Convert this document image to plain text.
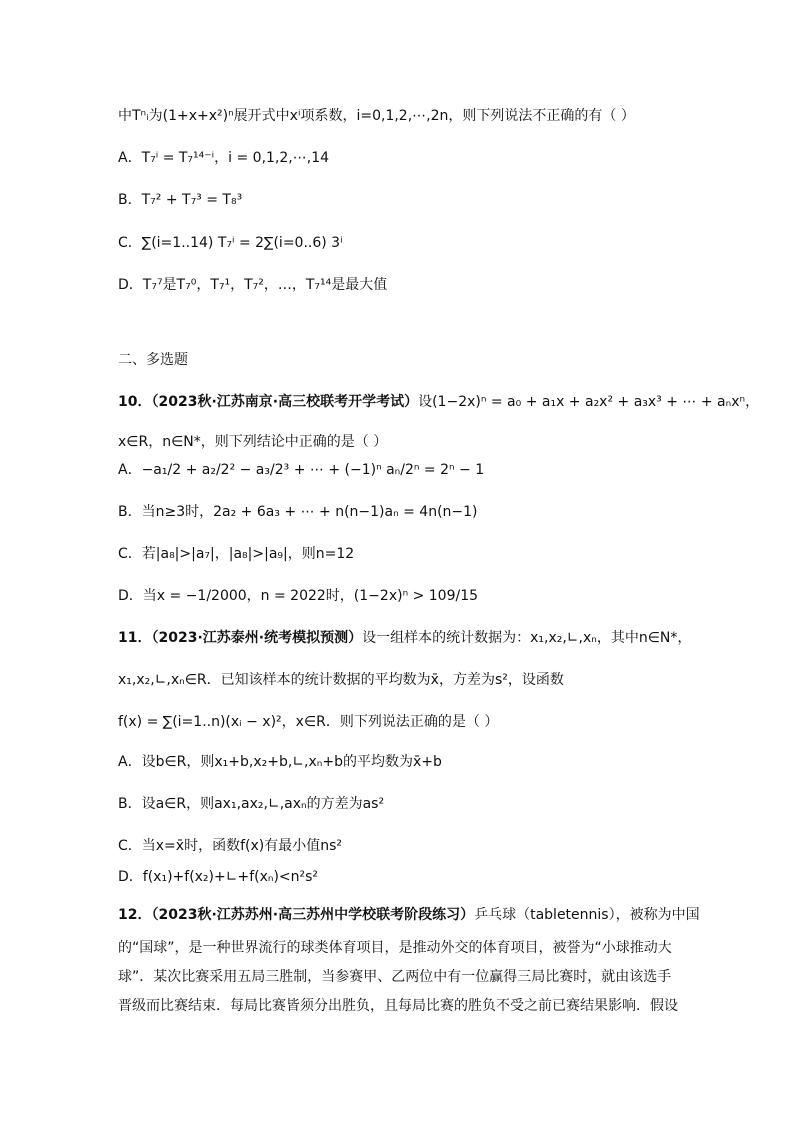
中Tⁿᵢ为(1+x+x²)ⁿ展开式中xⁱ项系数，i=0,1,2,⋯,2n，则下列说法不正确的有（ ）
A．T₇ⁱ = T₇¹⁴⁻ⁱ，i = 0,1,2,⋯,14
B．T₇² + T₇³ = T₈³
C．∑(i=1..14) T₇ⁱ = 2∑(i=0..6) 3ⁱ
D．T₇⁷是T₇⁰，T₇¹，T₇²，…，T₇¹⁴是最大值
二、多选题
10．（2023秋·江苏南京·高三校联考开学考试）设(1−2x)ⁿ = a₀ + a₁x + a₂x² + a₃x³ + ⋯ + aₙxⁿ，
x∈R，n∈N*，则下列结论中正确的是（ ）
A．−a₁/2 + a₂/2² − a₃/2³ + ⋯ + (−1)ⁿ aₙ/2ⁿ = 2ⁿ − 1
B．当n≥3时，2a₂ + 6a₃ + ⋯ + n(n−1)aₙ = 4n(n−1)
C．若|a₈|>|a₇|，|a₈|>|a₉|，则n=12
D．当x = −1/2000，n = 2022时，(1−2x)ⁿ > 109/15
11．（2023·江苏泰州·统考模拟预测）设一组样本的统计数据为：x₁,x₂,∟,xₙ，其中n∈N*，
x₁,x₂,∟,xₙ∈R．已知该样本的统计数据的平均数为x̄，方差为s²，设函数
f(x) = ∑(i=1..n)(xᵢ − x)²，x∈R．则下列说法正确的是（ ）
A．设b∈R，则x₁+b,x₂+b,∟,xₙ+b的平均数为x̄+b
B．设a∈R，则ax₁,ax₂,∟,axₙ的方差为as²
C．当x=x̄时，函数f(x)有最小值ns²
D．f(x₁)+f(x₂)+∟+f(xₙ)<n²s²
12．（2023秋·江苏苏州·高三苏州中学校联考阶段练习）乒乓球（tabletennis），被称为中国
的“国球”，是一种世界流行的球类体育项目，是推动外交的体育项目，被誉为“小球推动大
球”．某次比赛采用五局三胜制，当参赛甲、乙两位中有一位赢得三局比赛时，就由该选手
晋级而比赛结束．每局比赛皆须分出胜负，且每局比赛的胜负不受之前已赛结果影响．假设
